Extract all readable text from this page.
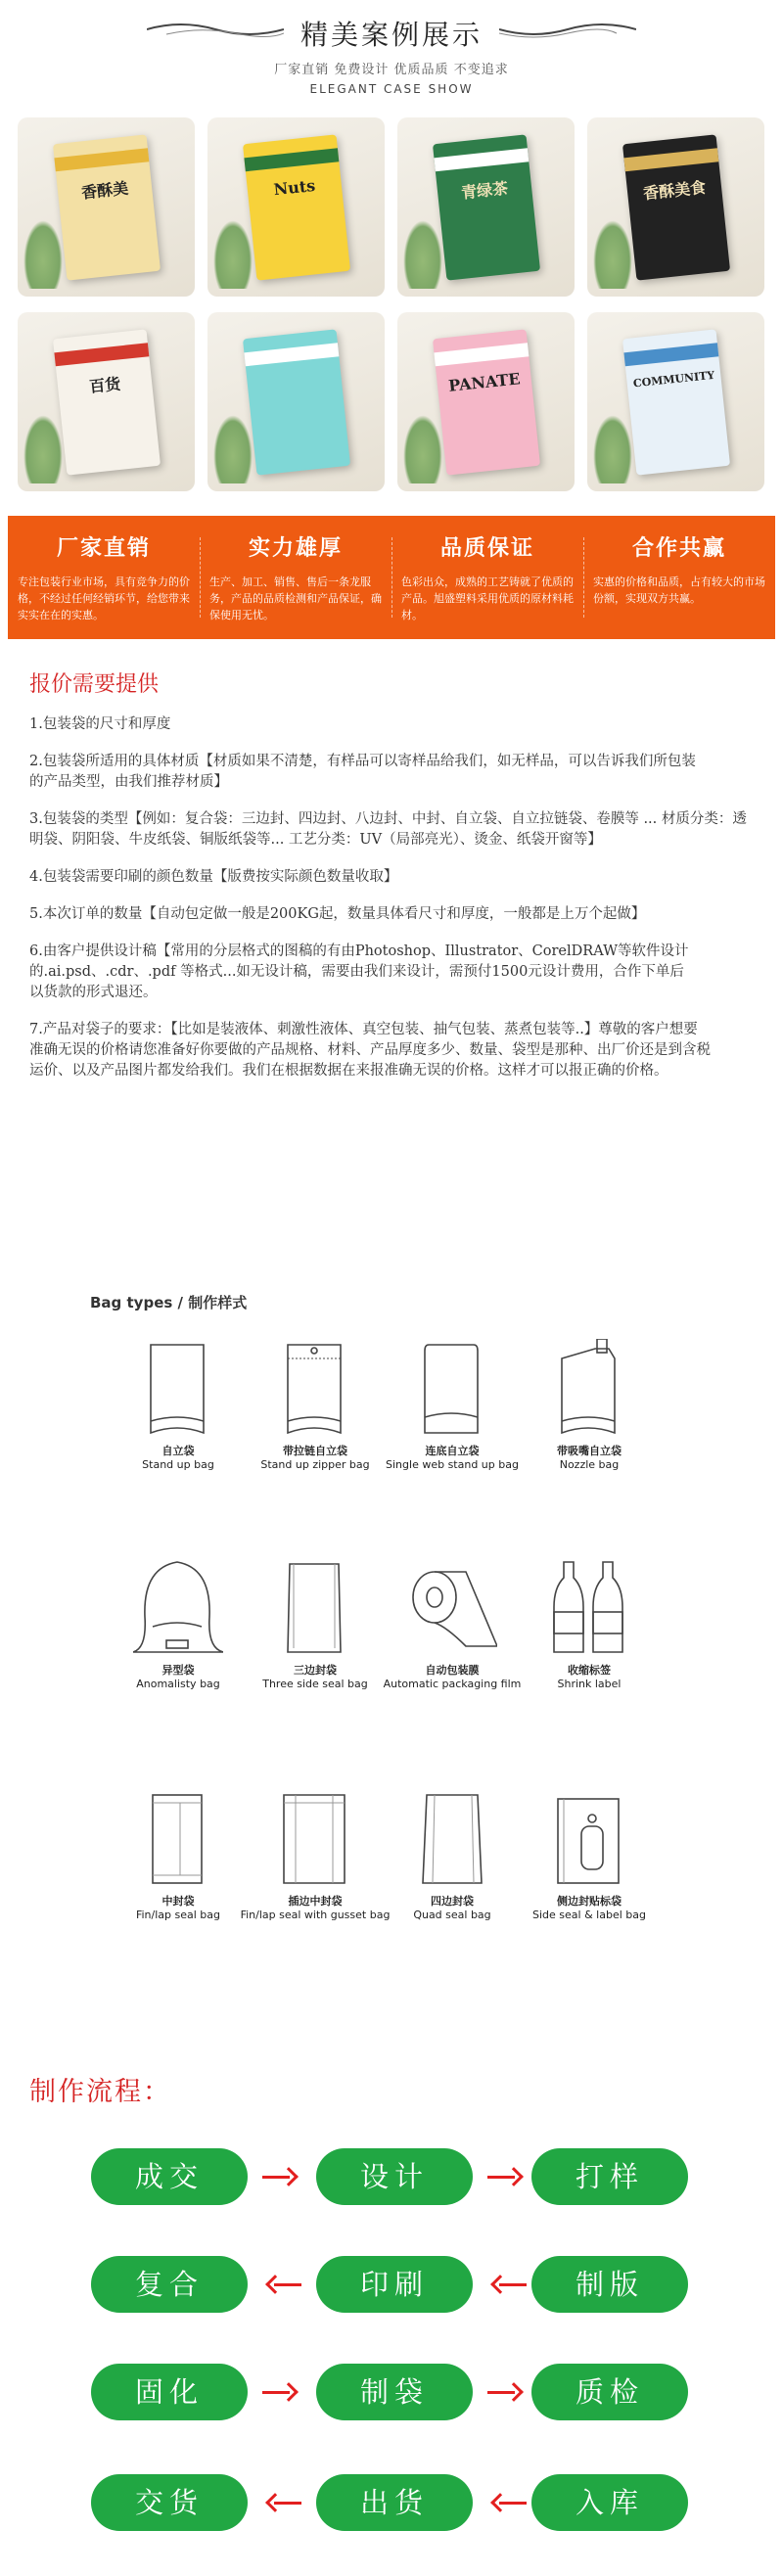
精美案例展示
厂家直销 免费设计 优质品质 不变追求
ELEGANT CASE SHOW
香酥美	Nuts	青绿茶	香酥美食
百货	PANATE	COMMUNITY
厂家直销
专注包装行业市场，具有竞争力的价格，不经过任何经销环节，给您带来实实在在的实惠。
实力雄厚
生产、加工、销售、售后一条龙服务，产品的品质检测和产品保证，确保使用无忧。
品质保证
色彩出众，成熟的工艺铸就了优质的产品。旭盛塑料采用优质的原材料耗材。
合作共赢
实惠的价格和品质，占有较大的市场份额，实现双方共赢。
报价需要提供
1.包装袋的尺寸和厚度
2.包装袋所适用的具体材质【材质如果不清楚，有样品可以寄样品给我们，如无样品，可以告诉我们所包装
的产品类型，由我们推荐材质】
3.包装袋的类型【例如：复合袋：三边封、四边封、八边封、中封、自立袋、自立拉链袋、卷膜等 ... 材质分类：透明袋、阴阳袋、牛皮纸袋、铜版纸袋等... 工艺分类：UV（局部亮光）、烫金、纸袋开窗等】
4.包装袋需要印刷的颜色数量【版费按实际颜色数量收取】
5.本次订单的数量【自动包定做一般是200KG起，数量具体看尺寸和厚度，一般都是上万个起做】
6.由客户提供设计稿【常用的分层格式的图稿的有由Photoshop、Illustrator、CorelDRAW等软件设计的.ai.psd、.cdr、.pdf 等格式...如无设计稿，需要由我们来设计，需预付1500元设计费用，合作下单后
以货款的形式退还。
7.产品对袋子的要求：【比如是装液体、刺激性液体、真空包装、抽气包装、蒸煮包装等..】尊敬的客户想要
准确无误的价格请您准备好你要做的产品规格、材料、产品厚度多少、数量、袋型是那种、出厂价还是到含税
运价、以及产品图片都发给我们。我们在根据数据在来报准确无误的价格。这样才可以报正确的价格。
Bag types / 制作样式
自立袋
Stand up bag
带拉链自立袋
Stand up zipper bag
连底自立袋
Single web stand up bag
带吸嘴自立袋
Nozzle bag
异型袋
Anomalisty bag
三边封袋
Three side seal bag
自动包装膜
Automatic packaging film
收缩标签
Shrink label
中封袋
Fin/lap seal bag
插边中封袋
Fin/lap seal with gusset bag
四边封袋
Quad seal bag
侧边封贴标袋
Side seal & label bag
制作流程：
成交	设计	打样
复合	印刷	制版
固化	制袋	质检
交货	出货	入库
